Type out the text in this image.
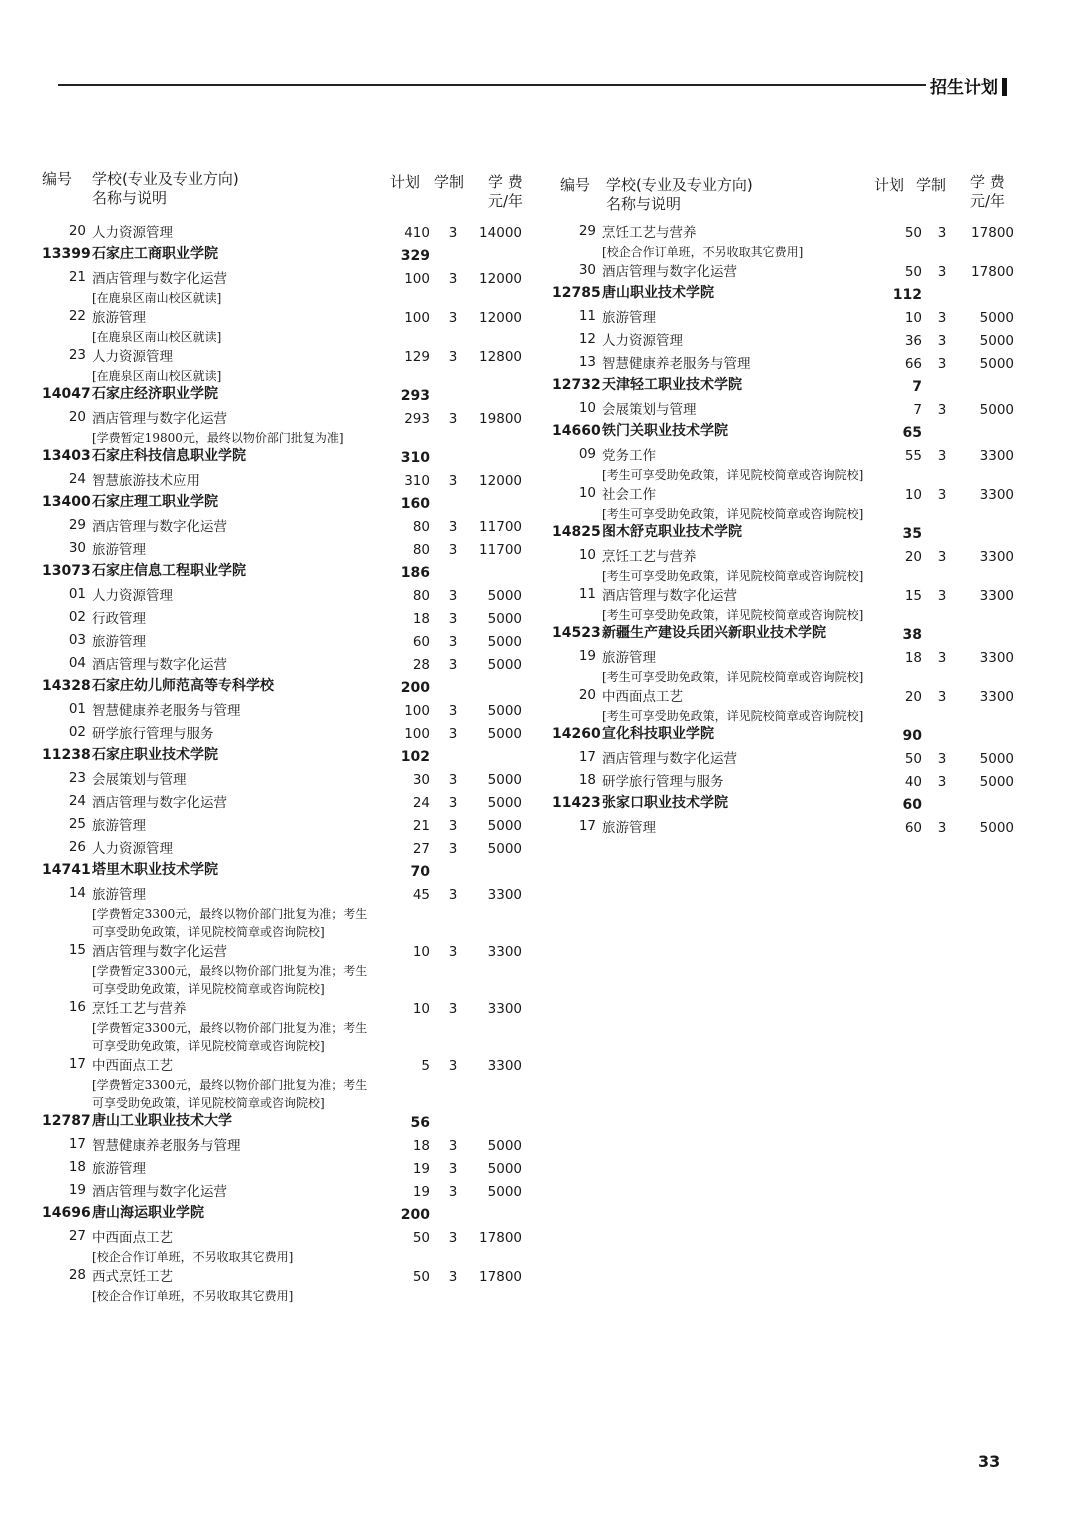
招生计划
编号 学校(专业及专业方向)
名称与说明
计划 学制 学 费
元/年
20 人力资源管理	410	3	14000
13399 石家庄工商职业学院	329
21 酒店管理与数字化运营
[在鹿泉区南山校区就读]
100	3	12000
22 旅游管理
[在鹿泉区南山校区就读]
100	3	12000
23 人力资源管理
[在鹿泉区南山校区就读]
129	3	12800
14047 石家庄经济职业学院	293
20 酒店管理与数字化运营
[学费暂定19800元，最终以物价部门批复为准]
293	3	19800
13403 石家庄科技信息职业学院	310
24 智慧旅游技术应用	310	3	12000
13400 石家庄理工职业学院	160
29 酒店管理与数字化运营	80	3	11700
30 旅游管理	80	3	11700
13073 石家庄信息工程职业学院	186
01 人力资源管理	80	3	5000
02 行政管理	18	3	5000
03 旅游管理	60	3	5000
04 酒店管理与数字化运营	28	3	5000
14328 石家庄幼儿师范高等专科学校	200
01 智慧健康养老服务与管理	100	3	5000
02 研学旅行管理与服务	100	3	5000
11238 石家庄职业技术学院	102
23 会展策划与管理	30	3	5000
24 酒店管理与数字化运营	24	3	5000
25 旅游管理	21	3	5000
26 人力资源管理	27	3	5000
14741 塔里木职业技术学院	70
14 旅游管理
[学费暂定3300元，最终以物价部门批复为准；考生可享受助免政策，详见院校简章或咨询院校]
45	3	3300
15 酒店管理与数字化运营
[学费暂定3300元，最终以物价部门批复为准；考生可享受助免政策，详见院校简章或咨询院校]
10	3	3300
16 烹饪工艺与营养
[学费暂定3300元，最终以物价部门批复为准；考生可享受助免政策，详见院校简章或咨询院校]
10	3	3300
17 中西面点工艺
[学费暂定3300元，最终以物价部门批复为准；考生可享受助免政策，详见院校简章或咨询院校]
5	3	3300
12787 唐山工业职业技术大学	56
17 智慧健康养老服务与管理	18	3	5000
18 旅游管理	19	3	5000
19 酒店管理与数字化运营	19	3	5000
14696 唐山海运职业学院	200
27 中西面点工艺
[校企合作订单班，不另收取其它费用]
50	3	17800
28 西式烹饪工艺
[校企合作订单班，不另收取其它费用]
50	3	17800
编号 学校(专业及专业方向)
名称与说明
计划 学制 学 费
元/年
29 烹饪工艺与营养
[校企合作订单班，不另收取其它费用]
50	3	17800
30 酒店管理与数字化运营	50	3	17800
12785 唐山职业技术学院	112
11 旅游管理	10	3	5000
12 人力资源管理	36	3	5000
13 智慧健康养老服务与管理	66	3	5000
12732 天津轻工职业技术学院	7
10 会展策划与管理	7	3	5000
14660 铁门关职业技术学院	65
09 党务工作
[考生可享受助免政策，详见院校简章或咨询院校]
55	3	3300
10 社会工作
[考生可享受助免政策，详见院校简章或咨询院校]
10	3	3300
14825 图木舒克职业技术学院	35
10 烹饪工艺与营养
[考生可享受助免政策，详见院校简章或咨询院校]
20	3	3300
11 酒店管理与数字化运营
[考生可享受助免政策，详见院校简章或咨询院校]
15	3	3300
14523 新疆生产建设兵团兴新职业技术学院	38
19 旅游管理
[考生可享受助免政策，详见院校简章或咨询院校]
18	3	3300
20 中西面点工艺
[考生可享受助免政策，详见院校简章或咨询院校]
20	3	3300
14260 宣化科技职业学院	90
17 酒店管理与数字化运营	50	3	5000
18 研学旅行管理与服务	40	3	5000
11423 张家口职业技术学院	60
17 旅游管理	60	3	5000
33
